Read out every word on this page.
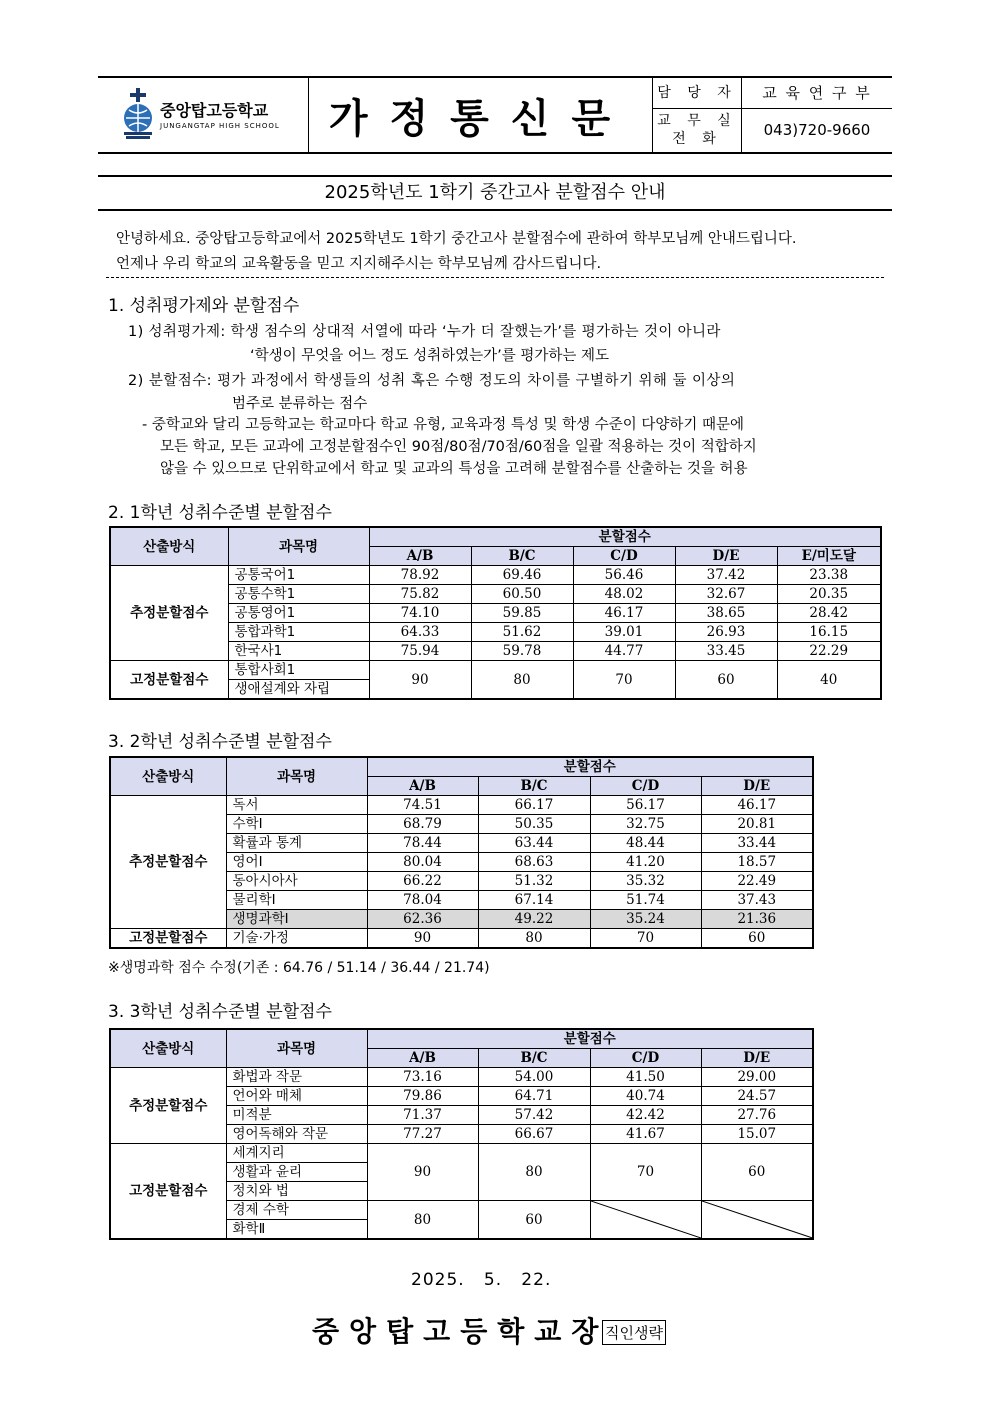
중앙탑고등학교
JUNGANGTAP HIGH SCHOOL	가정통신문
담 당 자	교 육 연 구 부
교 무 실
전 화	043)720-9660
2025학년도 1학기 중간고사 분할점수 안내
안녕하세요. 중앙탑고등학교에서 2025학년도 1학기 중간고사 분할점수에 관하여 학부모님께 안내드립니다.
언제나 우리 학교의 교육활동을 믿고 지지해주시는 학부모님께 감사드립니다.
1. 성취평가제와 분할점수
1) 성취평가제: 학생 점수의 상대적 서열에 따라 ‘누가 더 잘했는가’를 평가하는 것이 아니라
‘학생이 무엇을 어느 정도 성취하였는가’를 평가하는 제도
2) 분할점수: 평가 과정에서 학생들의 성취 혹은 수행 정도의 차이를 구별하기 위해 둘 이상의
범주로 분류하는 점수
- 중학교와 달리 고등학교는 학교마다 학교 유형, 교육과정 특성 및 학생 수준이 다양하기 때문에
모든 학교, 모든 교과에 고정분할점수인 90점/80점/70점/60점을 일괄 적용하는 것이 적합하지
않을 수 있으므로 단위학교에서 학교 및 교과의 특성을 고려해 분할점수를 산출하는 것을 허용
2. 1학년 성취수준별 분할점수
산출방식	과목명	분할점수				
		A/B	B/C	C/D	D/E	E/미도달
추정분할점수	공통국어1	78.92	69.46	56.46	37.42	23.38
	공통수학1	75.82	60.50	48.02	32.67	20.35
	공통영어1	74.10	59.85	46.17	38.65	28.42
	통합과학1	64.33	51.62	39.01	26.93	16.15
	한국사1	75.94	59.78	44.77	33.45	22.29
고정분할점수	통합사회1	90	80	70	60	40
	생애설계와 자립					
3. 2학년 성취수준별 분할점수
산출방식	과목명	분할점수			
		A/B	B/C	C/D	D/E
추정분할점수	독서	74.51	66.17	56.17	46.17
	수학Ⅰ	68.79	50.35	32.75	20.81
	확률과 통계	78.44	63.44	48.44	33.44
	영어Ⅰ	80.04	68.63	41.20	18.57
	동아시아사	66.22	51.32	35.32	22.49
	물리학Ⅰ	78.04	67.14	51.74	37.43
	생명과학Ⅰ	62.36	49.22	35.24	21.36
고정분할점수	기술·가정	90	80	70	60
※생명과학 점수 수정(기존 : 64.76 / 51.14 / 36.44 / 21.74)
3. 3학년 성취수준별 분할점수
산출방식	과목명	분할점수			
		A/B	B/C	C/D	D/E
추정분할점수	화법과 작문	73.16	54.00	41.50	29.00
	언어와 매체	79.86	64.71	40.74	24.57
	미적분	71.37	57.42	42.42	27.76
	영어독해와 작문	77.27	66.67	41.67	15.07
고정분할점수	세계지리	90	80	70	60
	생활과 윤리				
	정치와 법				
	경제 수학	80	60	

	화학Ⅱ				
2025.   5.   22.
중앙탑고등학교장
직인생략
